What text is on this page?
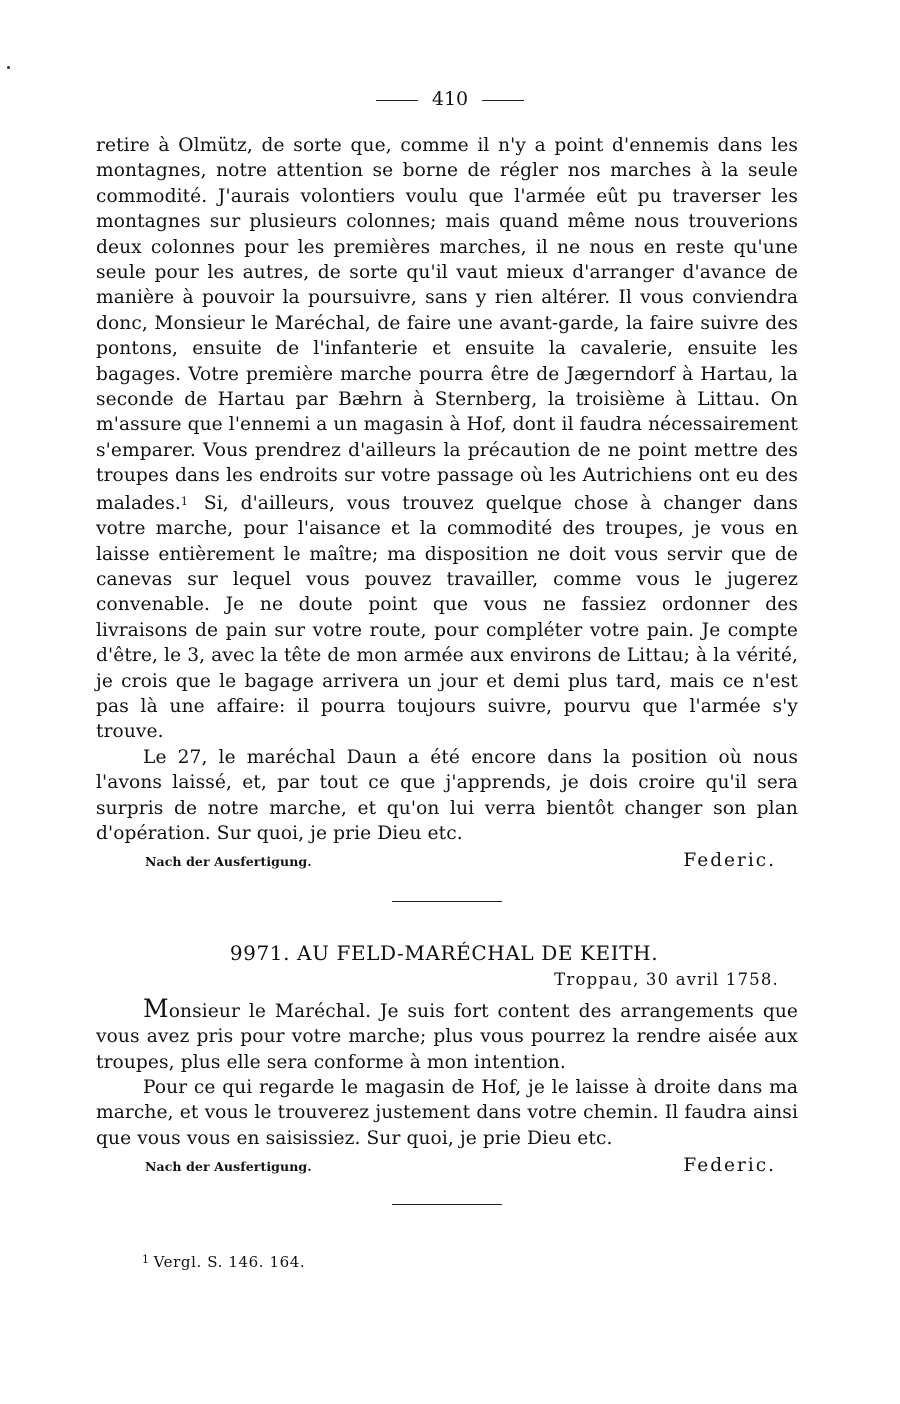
410

retire à Olmütz, de sorte que, comme il n'y a point d'ennemis dans les montagnes, notre attention se borne de régler nos marches à la seule commodité. J'aurais volontiers voulu que l'armée eût pu traverser les montagnes sur plusieurs colonnes; mais quand même nous trouverions deux colonnes pour les premières marches, il ne nous en reste qu'une seule pour les autres, de sorte qu'il vaut mieux d'arranger d'avance de manière à pouvoir la poursuivre, sans y rien altérer. Il vous conviendra donc, Monsieur le Maréchal, de faire une avant-garde, la faire suivre des pontons, ensuite de l'infanterie et ensuite la cavalerie, ensuite les bagages. Votre première marche pourra être de Jægerndorf à Hartau, la seconde de Hartau par Bæhrn à Sternberg, la troisième à Littau. On m'assure que l'ennemi a un magasin à Hof, dont il faudra nécessairement s'emparer. Vous prendrez d'ailleurs la précaution de ne point mettre des troupes dans les endroits sur votre passage où les Autrichiens ont eu des malades.$^1$ Si, d'ailleurs, vous trouvez quelque chose à changer dans votre marche, pour l'aisance et la commodité des troupes, je vous en laisse entièrement le maître; ma disposition ne doit vous servir que de canevas sur lequel vous pouvez travailler, comme vous le jugerez convenable. Je ne doute point que vous ne fassiez ordonner des livraisons de pain sur votre route, pour compléter votre pain. Je compte d'être, le 3, avec la tête de mon armée aux environs de Littau; à la vérité, je crois que le bagage arrivera un jour et demi plus tard, mais ce n'est pas là une affaire: il pourra toujours suivre, pourvu que l'armée s'y trouve.

Le 27, le maréchal Daun a été encore dans la position où nous l'avons laissé, et, par tout ce que j'apprends, je dois croire qu'il sera surpris de notre marche, et qu'on lui verra bientôt changer son plan d'opération. Sur quoi, je prie Dieu etc.

Nach der Ausfertigung.	Federic.
9971. AU FELD-MARÉCHAL DE KEITH.
Troppau, 30 avril 1758.

Monsieur le Maréchal. Je suis fort content des arrangements que vous avez pris pour votre marche; plus vous pourrez la rendre aisée aux troupes, plus elle sera conforme à mon intention.

Pour ce qui regarde le magasin de Hof, je le laisse à droite dans ma marche, et vous le trouverez justement dans votre chemin. Il faudra ainsi que vous vous en saisissiez. Sur quoi, je prie Dieu etc.

Nach der Ausfertigung.	Federic.
$^1$ Vergl. S. 146. 164.
